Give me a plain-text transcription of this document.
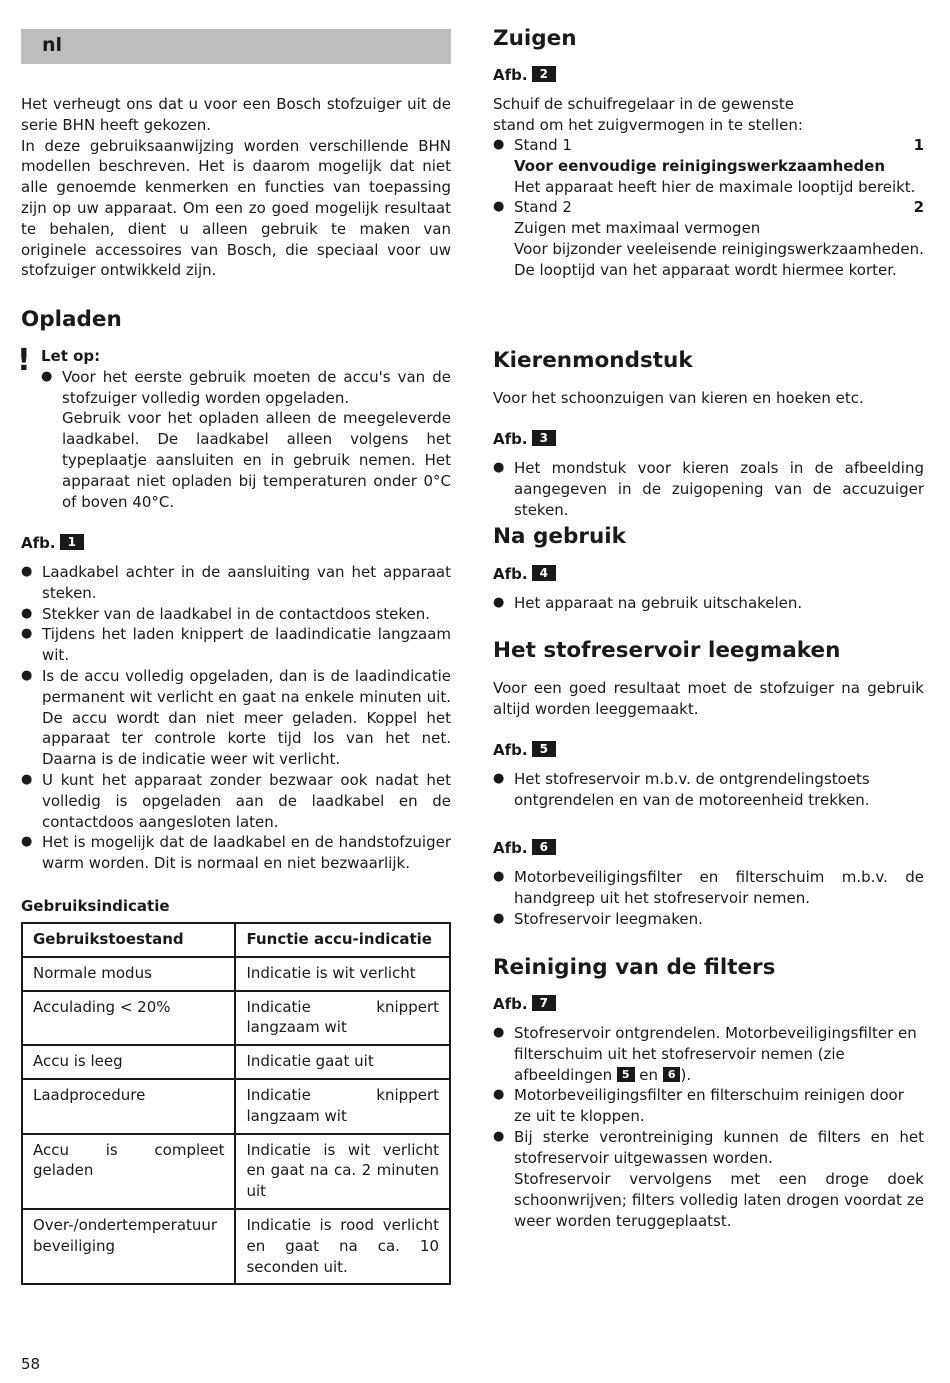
nl

Het verheugt ons dat u voor een Bosch stofzuiger uit de serie BHN heeft gekozen.

In deze gebruiksaanwijzing worden verschillende BHN modellen beschreven. Het is daarom mogelijk dat niet alle genoemde kenmerken en functies van toepassing zijn op uw apparaat. Om een zo goed mogelijk resultaat te behalen, dient u alleen gebruik te maken van originele accessoires van Bosch, die speciaal voor uw stofzuiger ontwikkeld zijn.

Opladen
! Let op:

● Voor het eerste gebruik moeten de accu's van de stofzuiger volledig worden opgeladen.

Gebruik voor het opladen alleen de meegeleverde laadkabel. De laadkabel alleen volgens het typeplaatje aansluiten en in gebruik nemen. Het apparaat niet opladen bij temperaturen onder 0°C of boven 40°C.

Afb. 1
● Laadkabel achter in de aansluiting van het apparaat steken.
● Stekker van de laadkabel in de contactdoos steken.
● Tijdens het laden knippert de laadindicatie langzaam wit.
● Is de accu volledig opgeladen, dan is de laadindicatie permanent wit verlicht en gaat na enkele minuten uit. De accu wordt dan niet meer geladen. Koppel het apparaat ter controle korte tijd los van het net. Daarna is de indicatie weer wit verlicht.
● U kunt het apparaat zonder bezwaar ook nadat het volledig is opgeladen aan de laadkabel en de contactdoos aangesloten laten.
● Het is mogelijk dat de laadkabel en de handstofzuiger warm worden. Dit is normaal en niet bezwaarlijk.

Gebruiksindicatie

Gebruikstoestand	Functie accu-indicatie
Normale modus	Indicatie is wit verlicht
Acculading < 20%	Indicatie knippert langzaam wit
Accu is leeg	Indicatie gaat uit
Laadprocedure	Indicatie knippert langzaam wit
Accu is compleet geladen	Indicatie is wit verlicht en gaat na ca. 2 minuten uit
Over-/ondertemperatuurbeveiliging	Indicatie is rood verlicht en gaat na ca. 10 seconden uit.
Zuigen
Afb. 2

Schuif de schuifregelaar in de gewenste stand om het zuigvermogen in te stellen:

● Stand 1	1
Voor eenvoudige reinigingswerkzaamheden
Het apparaat heeft hier de maximale looptijd bereikt.
● Stand 2	2
Zuigen met maximaal vermogen
Voor bijzonder veeleisende reinigingswerkzaamheden.
De looptijd van het apparaat wordt hiermee korter.
Kierenmondstuk

Voor het schoonzuigen van kieren en hoeken etc.

Afb. 3
● Het mondstuk voor kieren zoals in de afbeelding aangegeven in de zuigopening van de accuzuiger steken.
Na gebruik
Afb. 4
● Het apparaat na gebruik uitschakelen.
Het stofreservoir leegmaken

Voor een goed resultaat moet de stofzuiger na gebruik altijd worden leeggemaakt.

Afb. 5
● Het stofreservoir m.b.v. de ontgrendelingstoets ontgrendelen en van de motoreenheid trekken.
Afb. 6
● Motorbeveiligingsfilter en filterschuim m.b.v. de handgreep uit het stofreservoir nemen.
● Stofreservoir leegmaken.
Reiniging van de filters
Afb. 7
● Stofreservoir ontgrendelen. Motorbeveiligingsfilter en filterschuim uit het stofreservoir nemen (zie afbeeldingen 5 en 6 ).
● Motorbeveiligingsfilter en filterschuim reinigen door ze uit te kloppen.
● Bij sterke verontreiniging kunnen de filters en het stofreservoir uitgewassen worden.

Stofreservoir vervolgens met een droge doek schoonwrijven; filters volledig laten drogen voordat ze weer worden teruggeplaatst.

58
